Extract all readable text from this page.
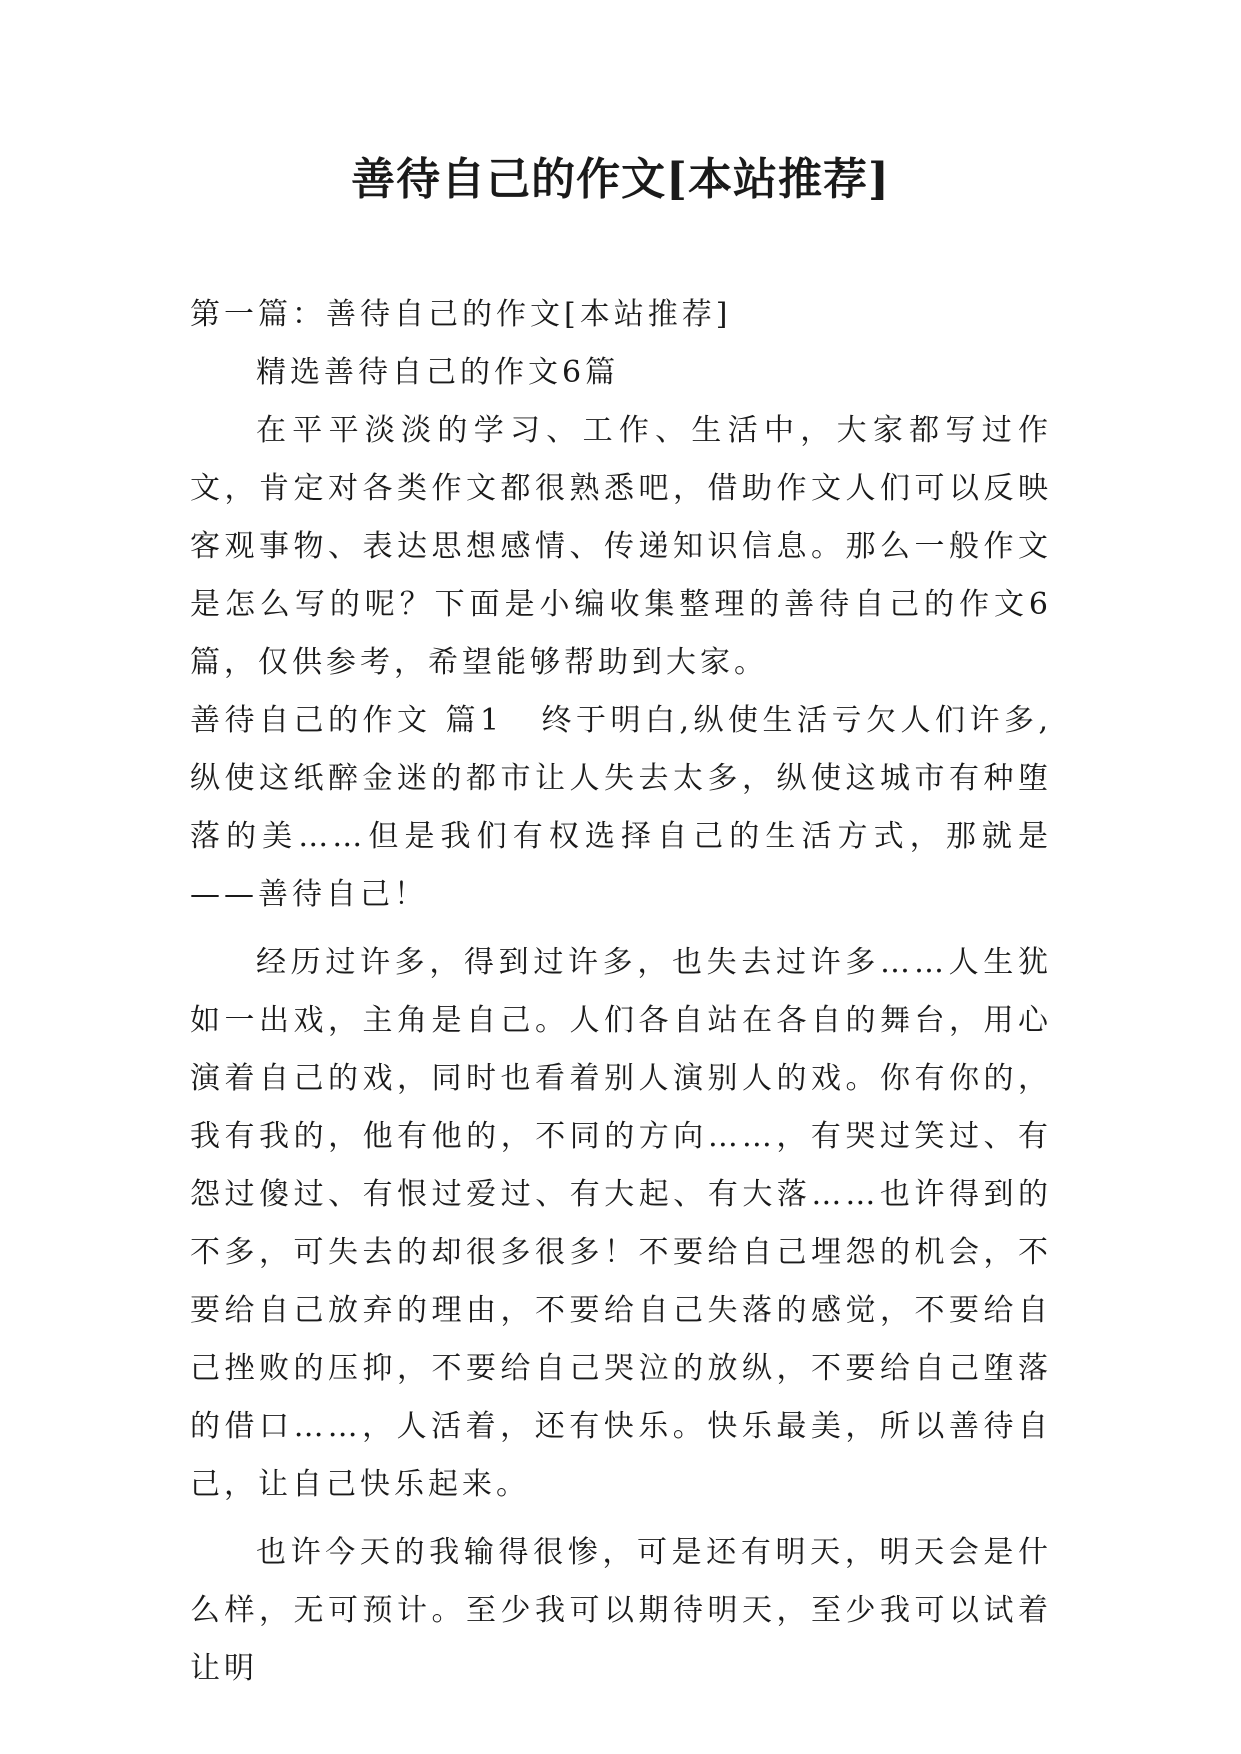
善待自己的作文[本站推荐]

第一篇：善待自己的作文[本站推荐]

精选善待自己的作文6篇

在平平淡淡的学习、工作、生活中，大家都写过作文，肯定对各类作文都很熟悉吧，借助作文人们可以反映客观事物、表达思想感情、传递知识信息。那么一般作文是怎么写的呢？下面是小编收集整理的善待自己的作文6篇，仅供参考，希望能够帮助到大家。

善待自己的作文 篇1 终于明白,纵使生活亏欠人们许多,纵使这纸醉金迷的都市让人失去太多，纵使这城市有种堕落的美……但是我们有权选择自己的生活方式，那就是——善待自己！

经历过许多，得到过许多，也失去过许多……人生犹如一出戏，主角是自己。人们各自站在各自的舞台，用心演着自己的戏，同时也看着别人演别人的戏。你有你的，我有我的，他有他的，不同的方向……，有哭过笑过、有怨过傻过、有恨过爱过、有大起、有大落……也许得到的不多，可失去的却很多很多！不要给自己埋怨的机会，不要给自己放弃的理由，不要给自己失落的感觉，不要给自己挫败的压抑，不要给自己哭泣的放纵，不要给自己堕落的借口……，人活着，还有快乐。快乐最美，所以善待自己，让自己快乐起来。

也许今天的我输得很惨，可是还有明天，明天会是什么样，无可预计。至少我可以期待明天，至少我可以试着让明
